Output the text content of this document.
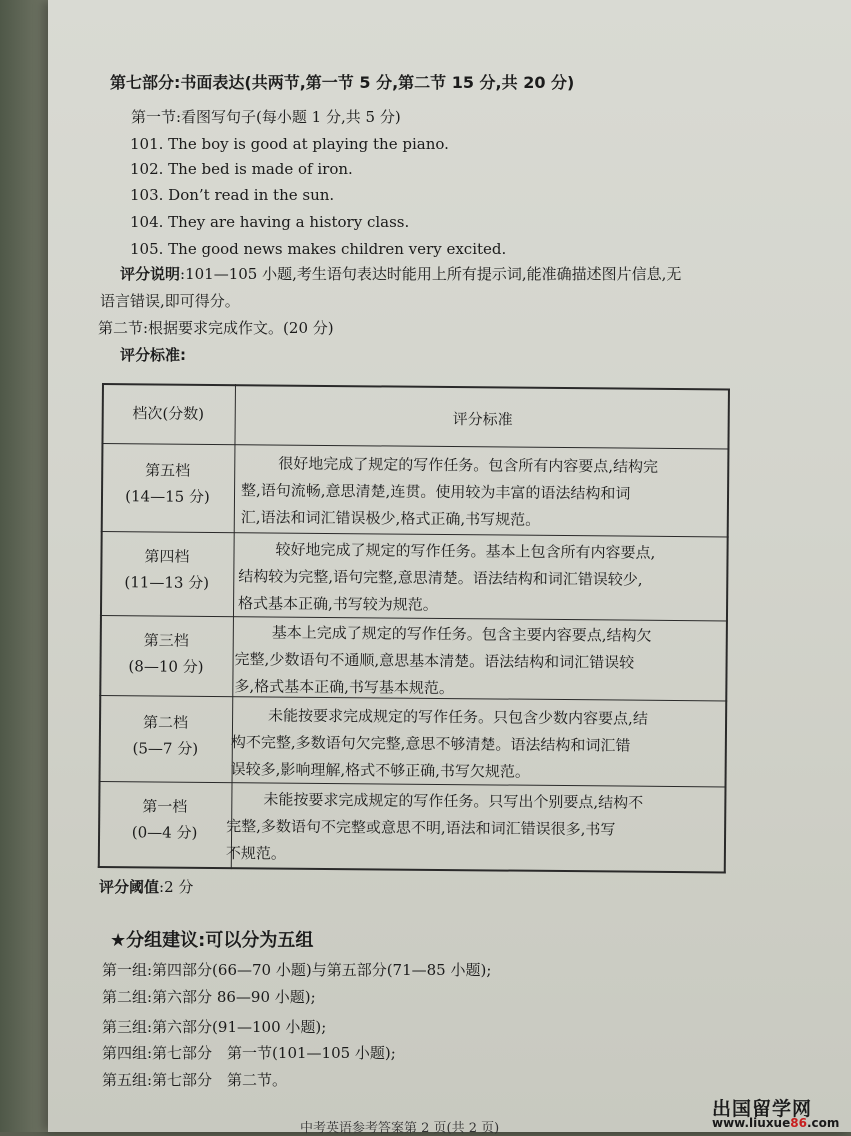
第七部分:书面表达(共两节,第一节 5 分,第二节 15 分,共 20 分)
第一节:看图写句子(每小题 1 分,共 5 分)
101. The boy is good at playing the piano.
102. The bed is made of iron.
103. Don’t read in the sun.
104. They are having a history class.
105. The good news makes children very excited.
评分说明:101—105 小题,考生语句表达时能用上所有提示词,能准确描述图片信息,无
语言错误,即可得分。
第二节:根据要求完成作文。(20 分)
评分标准:
档次(分数)	评分标准
第五档
(14—15 分)
很好地完成了规定的写作任务。包含所有内容要点,结构完
整,语句流畅,意思清楚,连贯。使用较为丰富的语法结构和词
汇,语法和词汇错误极少,格式正确,书写规范。
第四档
(11—13 分)
较好地完成了规定的写作任务。基本上包含所有内容要点,
结构较为完整,语句完整,意思清楚。语法结构和词汇错误较少,
格式基本正确,书写较为规范。
第三档
(8—10 分)
基本上完成了规定的写作任务。包含主要内容要点,结构欠
完整,少数语句不通顺,意思基本清楚。语法结构和词汇错误较
多,格式基本正确,书写基本规范。
第二档
(5—7 分)
未能按要求完成规定的写作任务。只包含少数内容要点,结
构不完整,多数语句欠完整,意思不够清楚。语法结构和词汇错
误较多,影响理解,格式不够正确,书写欠规范。
第一档
(0—4 分)
未能按要求完成规定的写作任务。只写出个别要点,结构不
完整,多数语句不完整或意思不明,语法和词汇错误很多,书写
不规范。
评分阈值:2 分
★分组建议:可以分为五组
第一组:第四部分(66—70 小题)与第五部分(71—85 小题);
第二组:第六部分 86—90 小题);
第三组:第六部分(91—100 小题);
第四组:第七部分　第一节(101—105 小题);
第五组:第七部分　第二节。
中考英语参考答案第 2 页(共 2 页)
出国留学网
www.liuxue86.com
